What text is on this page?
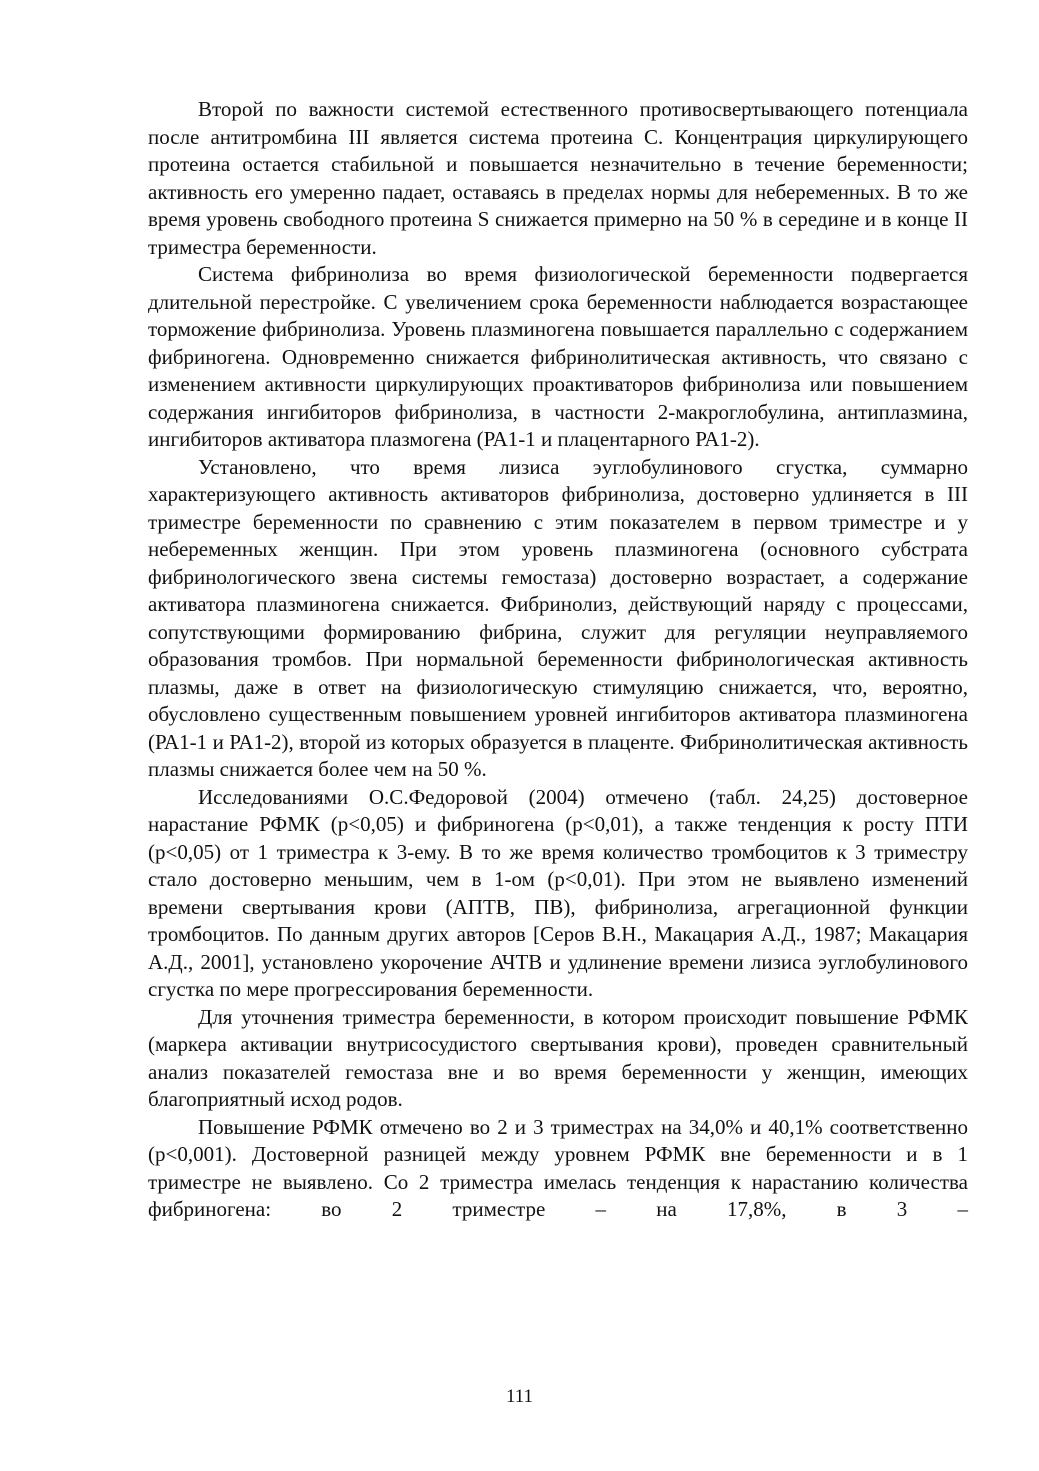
Второй по важности системой естественного противосвертывающего потенциала после антитромбина III является система протеина С. Концентрация циркулирующего протеина остается стабильной и повышается незначительно в течение беременности; активность его умеренно падает, оставаясь в пределах нормы для небеременных. В то же время уровень свободного протеина S снижается примерно на 50 % в середине и в конце II триместра беременности.

Система фибринолиза во время физиологической беременности подвергается длительной перестройке. С увеличением срока беременности наблюдается возрастающее торможение фибринолиза. Уровень плазминогена повышается параллельно с содержанием фибриногена. Одновременно снижается фибринолитическая активность, что связано с изменением активности циркулирующих проактиваторов фибринолиза или повышением содержания ингибиторов фибринолиза, в частности 2-макроглобулина, антиплазмина, ингибиторов активатора плазмогена (РА1-1 и плацентарного РА1-2).

Установлено, что время лизиса эуглобулинового сгустка, суммарно характеризующего активность активаторов фибринолиза, достоверно удлиняется в III триместре беременности по сравнению с этим показателем в первом триместре и у небеременных женщин. При этом уровень плазминогена (основного субстрата фибринологического звена системы гемостаза) достоверно возрастает, а содержание активатора плазминогена снижается. Фибринолиз, действующий наряду с процессами, сопутствующими формированию фибрина, служит для регуляции неуправляемого образования тромбов. При нормальной беременности фибринологическая активность плазмы, даже в ответ на физиологическую стимуляцию снижается, что, вероятно, обусловлено существенным повышением уровней ингибиторов активатора плазминогена (РА1-1 и РА1-2), второй из которых образуется в плаценте. Фибринолитическая активность плазмы снижается более чем на 50 %.

Исследованиями О.С.Федоровой (2004) отмечено (табл. 24,25) достоверное нарастание РФМК (p<0,05) и фибриногена (p<0,01), а также тенденция к росту ПТИ (p<0,05) от 1 триместра к 3-ему. В то же время количество тромбоцитов к 3 триместру стало достоверно меньшим, чем в 1-ом (p<0,01). При этом не выявлено изменений времени свертывания крови (АПТВ, ПВ), фибринолиза, агрегационной функции тромбоцитов. По данным других авторов [Серов В.Н., Макацария А.Д., 1987; Макацария А.Д., 2001], установлено укорочение АЧТВ и удлинение времени лизиса эуглобулинового сгустка по мере прогрессирования беременности.

Для уточнения триместра беременности, в котором происходит повышение РФМК (маркера активации внутрисосудистого свертывания крови), проведен сравнительный анализ показателей гемостаза вне и во время беременности у женщин, имеющих благоприятный исход родов.

Повышение РФМК отмечено во 2 и 3 триместрах на 34,0% и 40,1% соответственно (p<0,001). Достоверной разницей между уровнем РФМК вне беременности и в 1 триместре не выявлено. Со 2 триместра имелась тенденция к нарастанию количества фибриногена: во 2 триместре – на 17,8%, в 3 –

111
